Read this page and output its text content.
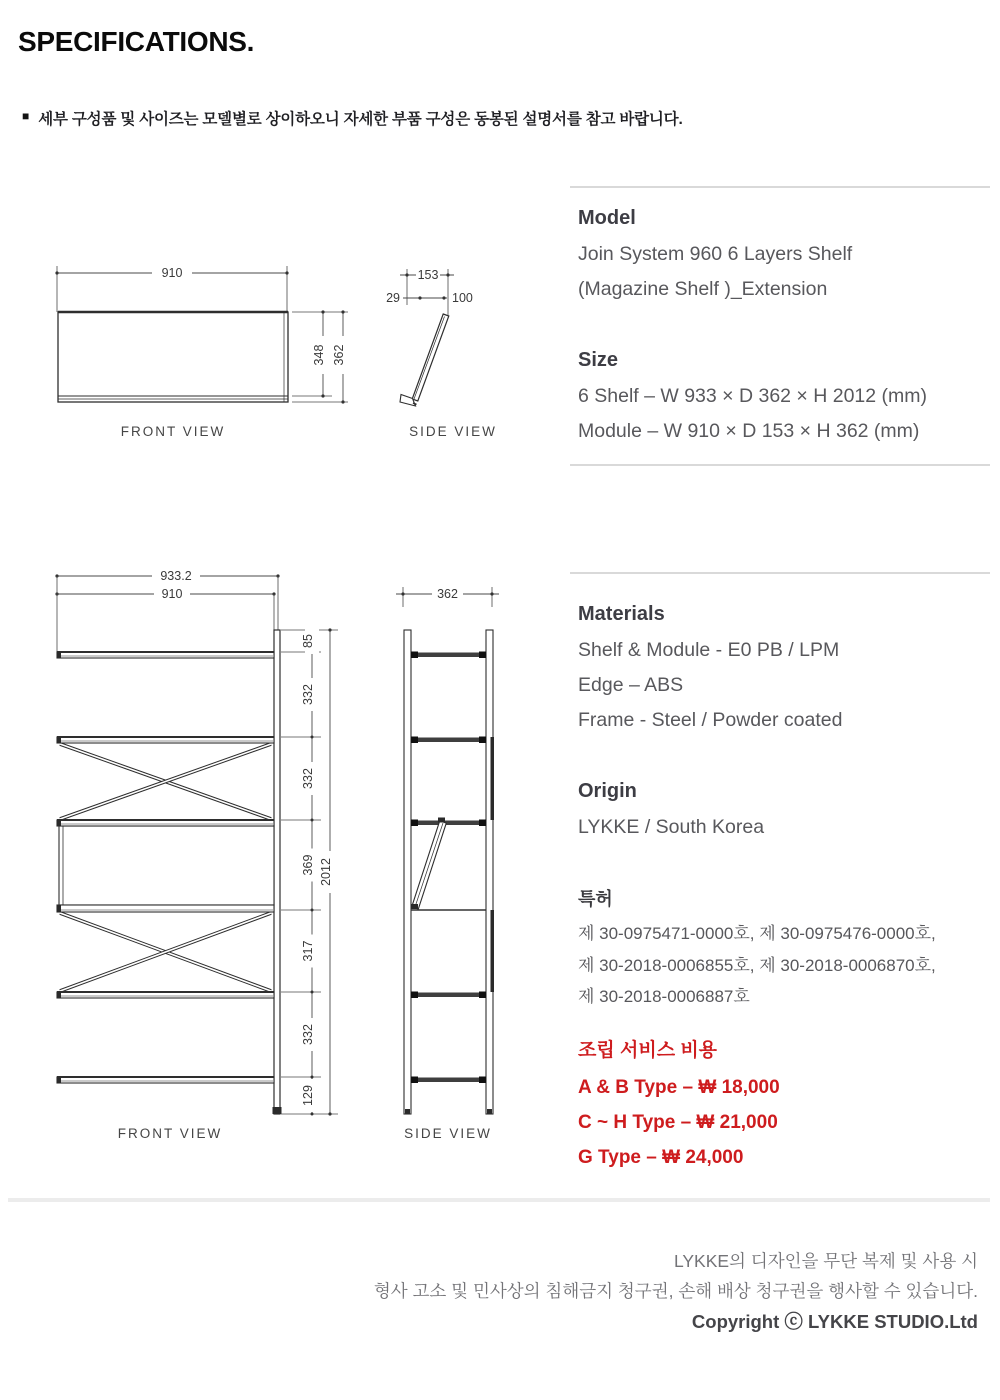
SPECIFICATIONS.
■ 세부 구성품 및 사이즈는 모델별로 상이하오니 자세한 부품 구성은 동봉된 설명서를 참고 바랍니다.
910
348 362
FRONT VIEW
153
29	100
SIDE VIEW
933.2
910
85
332
332
369
317
332
129
2012
FRONT VIEW
362
SIDE VIEW
Model

Join System 960 6 Layers Shelf

(Magazine Shelf )_Extension

Size

6 Shelf – W 933 × D 362 × H 2012 (mm)

Module – W 910 × D 153 × H 362 (mm)

Materials

Shelf & Module - E0 PB / LPM

Edge – ABS

Frame - Steel / Powder coated

Origin

LYKKE / South Korea

특허

제 30-0975471-0000호, 제 30-0975476-0000호,

제 30-2018-0006855호, 제 30-2018-0006870호,

제 30-2018-0006887호

조립 서비스 비용

A & B Type – ₩ 18,000

C ~ H Type – ₩ 21,000

G Type – ₩ 24,000

LYKKE의 디자인을 무단 복제 및 사용 시

형사 고소 및 민사상의 침해금지 청구권, 손해 배상 청구권을 행사할 수 있습니다.

Copyright ⓒ LYKKE STUDIO.Ltd
